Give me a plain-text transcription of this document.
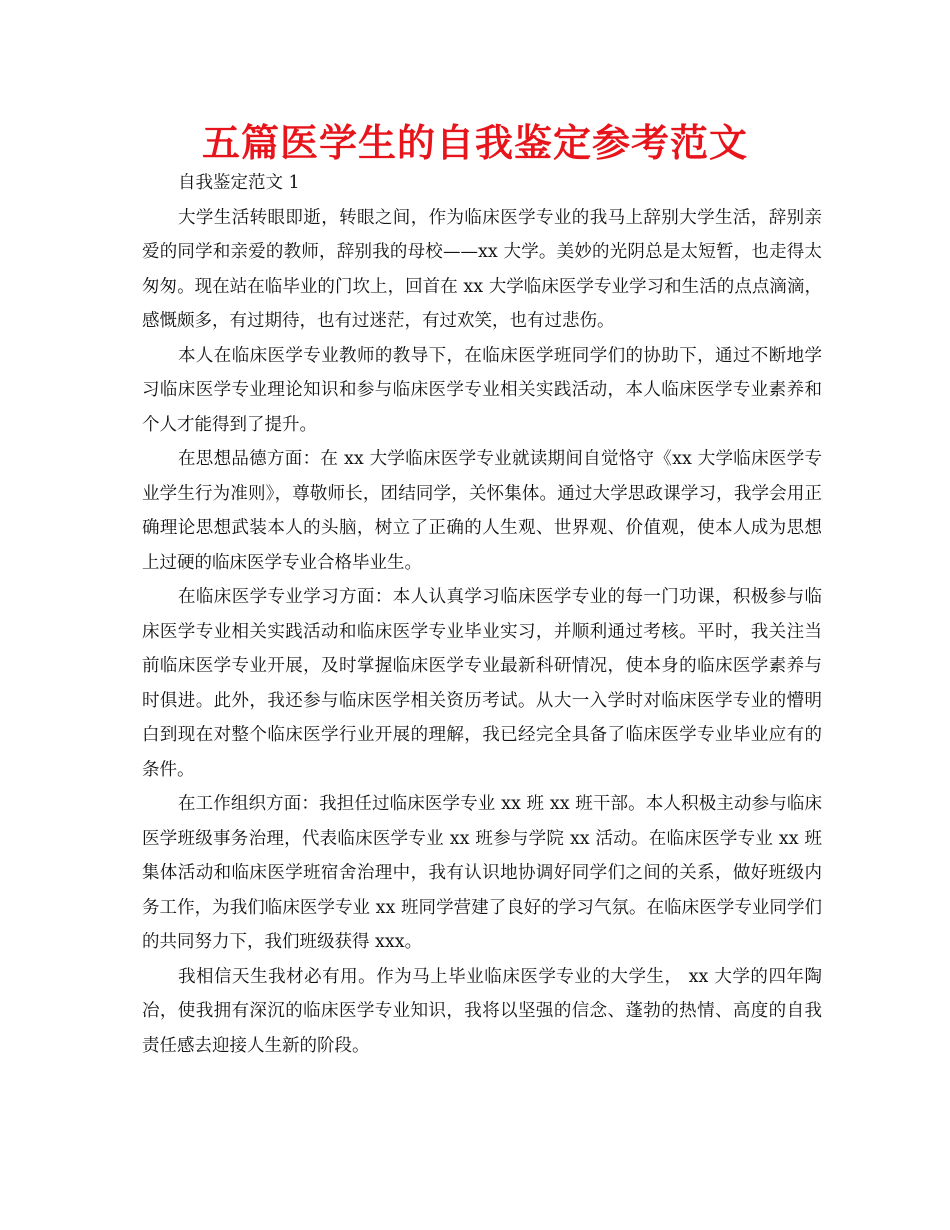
五篇医学生的自我鉴定参考范文

自我鉴定范文 1

大学生活转眼即逝，转眼之间，作为临床医学专业的我马上辞别大学生活，辞别亲爱的同学和亲爱的教师，辞别我的母校——xx 大学。美妙的光阴总是太短暂，也走得太匆匆。现在站在临毕业的门坎上，回首在 xx 大学临床医学专业学习和生活的点点滴滴，感慨颇多，有过期待，也有过迷茫，有过欢笑，也有过悲伤。

本人在临床医学专业教师的教导下，在临床医学班同学们的协助下，通过不断地学习临床医学专业理论知识和参与临床医学专业相关实践活动，本人临床医学专业素养和个人才能得到了提升。

在思想品德方面：在 xx 大学临床医学专业就读期间自觉恪守《xx 大学临床医学专业学生行为准则》，尊敬师长，团结同学，关怀集体。通过大学思政课学习，我学会用正确理论思想武装本人的头脑，树立了正确的人生观、世界观、价值观，使本人成为思想上过硬的临床医学专业合格毕业生。

在临床医学专业学习方面：本人认真学习临床医学专业的每一门功课，积极参与临床医学专业相关实践活动和临床医学专业毕业实习，并顺利通过考核。平时，我关注当前临床医学专业开展，及时掌握临床医学专业最新科研情况，使本身的临床医学素养与时俱进。此外，我还参与临床医学相关资历考试。从大一入学时对临床医学专业的懵明白到现在对整个临床医学行业开展的理解，我已经完全具备了临床医学专业毕业应有的条件。

在工作组织方面：我担任过临床医学专业 xx 班 xx 班干部。本人积极主动参与临床医学班级事务治理，代表临床医学专业 xx 班参与学院 xx 活动。在临床医学专业 xx 班集体活动和临床医学班宿舍治理中，我有认识地协调好同学们之间的关系，做好班级内务工作，为我们临床医学专业 xx 班同学营建了良好的学习气氛。在临床医学专业同学们的共同努力下，我们班级获得 xxx。

我相信天生我材必有用。作为马上毕业临床医学专业的大学生， xx 大学的四年陶冶，使我拥有深沉的临床医学专业知识，我将以坚强的信念、蓬勃的热情、高度的自我责任感去迎接人生新的阶段。
